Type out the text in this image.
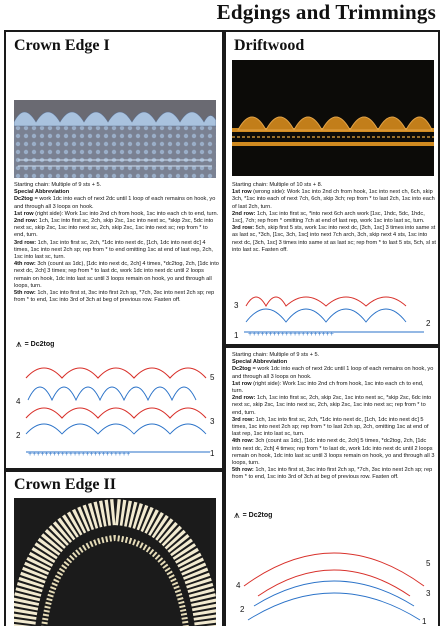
Edgings and Trimmings
Crown Edge I

Starting chain: Multiple of 9 sts + 5.

Special Abbreviation

Dc2tog = work 1dc into each of next 2dc until 1 loop of each remains on hook, yo and through all 3 loops on hook.

1st row (right side): Work 1sc into 2nd ch from hook, 1sc into each ch to end, turn.

2nd row: 1ch, 1sc into first sc, 2ch, skip 2sc, 1sc into next sc, *skip 2sc, 5dc into next sc, skip 2sc, 1sc into next sc, 2ch, skip 2sc, 1sc into next sc; rep from * to end, turn.

3rd row: 1ch, 1sc into first sc, 2ch, *1dc into next dc, [1ch, 1dc into next dc] 4 times, 1sc into next 2ch sp; rep from * to end omitting 1sc at end of last rep, 2ch, 1sc into last sc, turn.

4th row: 3ch (count as 1dc), [1dc into next dc, 2ch] 4 times, *dc2tog, 2ch, [1dc into next dc, 2ch] 3 times; rep from * to last dc, work 1dc into next dc until 2 loops remain on hook, 1dc into last sc until 3 loops remain on hook, yo and through all loops, turn.

5th row: 1ch, 1sc into first st, 3sc into first 2ch sp, *7ch, 3sc into next 2ch sp; rep from * to end, 1sc into 3rd of 3ch at beg of previous row. Fasten off.

⩚ = Dc2tog
+++++++++++++++++++++++++
5
4
3
2
1
Crown Edge II
Driftwood

Starting chain: Multiple of 10 sts + 8.

1st row (wrong side): Work 1sc into 2nd ch from hook, 1sc into next ch, 6ch, skip 3ch, *1sc into each of next 7ch, 6ch, skip 3ch; rep from * to last 2ch, 1sc into each of last 2ch, turn.

2nd row: 1ch, 1sc into first sc, *into next 6ch arch work [1sc, 1hdc, 5dc, 1hdc, 1sc], 7ch; rep from * omitting 7ch at end of last rep, work 1sc into last sc, turn.

3rd row: 5ch, skip first 5 sts, work 1sc into next dc, [3ch, 1sc] 3 times into same st as last sc, *3ch, [1sc, 3ch, 1sc] into next 7ch arch, 3ch, skip next 4 sts, 1sc into next dc, [3ch, 1sc] 3 times into same st as last sc; rep from * to last 5 sts, 5ch, sl st into last sc. Fasten off.

+++++++++++++++++++++
3
2
1

Starting chain: Multiple of 9 sts + 5.

Special Abbreviation

Dc2tog = work 1dc into each of next 2dc until 1 loop of each remains on hook, yo and through all 3 loops on hook.

1st row (right side): Work 1sc into 2nd ch from hook, 1sc into each ch to end, turn.

2nd row: 1ch, 1sc into first sc, 2ch, skip 2sc, 1sc into next sc, *skip 2sc, 6dc into next sc, skip 2sc, 1sc into next sc, 2ch, skip 2sc, 1sc into next sc; rep from * to end, turn.

3rd row: 1ch, 1sc into first sc, 2ch, *1dc into next dc, [1ch, 1dc into next dc] 5 times, 1sc into next 2ch sp; rep from * to last 2ch sp, 2ch, omitting 1sc at end of last rep, 1sc into last sc, turn.

4th row: 3ch (count as 1dc), [1dc into next dc, 2ch] 5 times, *dc2tog, 2ch, [1dc into next dc, 2ch] 4 times; rep from * to last dc, work 1dc into next dc until 2 loops remain on hook, 1dc into last sc until 3 loops remain on hook, yo and through all 3 loops, turn.

5th row: 1ch, 1sc into first st, 3sc into first 2ch sp, *7ch, 3sc into next 2ch sp; rep from * to end, 1sc into 3rd of 3ch at beg of previous row. Fasten off.

⩚ = Dc2tog
5
4
3
2
1
